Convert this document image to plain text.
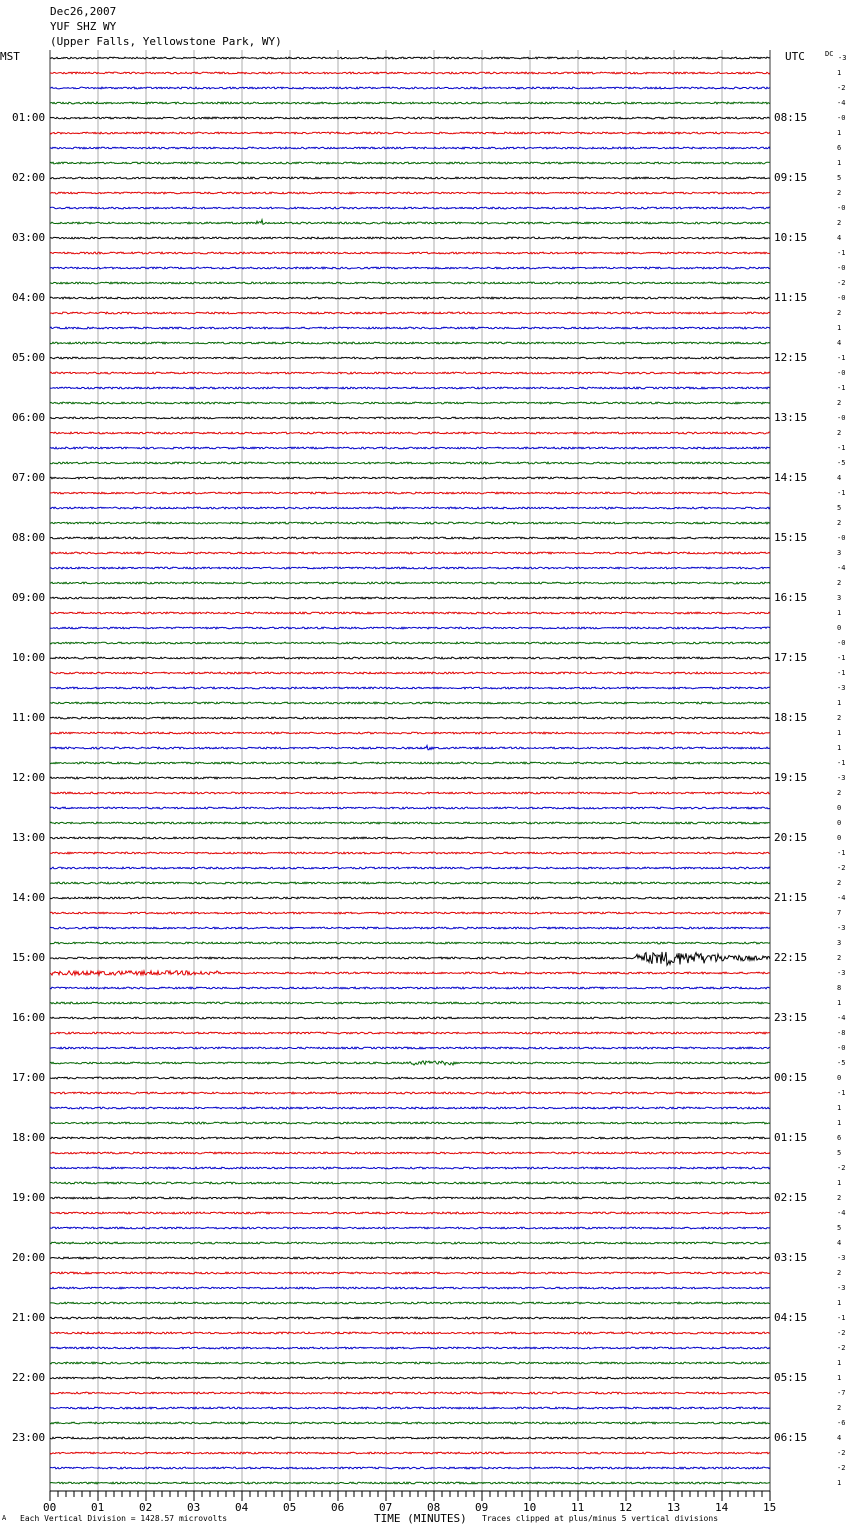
Dec26,2007
YUF SHZ WY
(Upper Falls, Yellowstone Park, WY)
MST	UTC	DC
01:00	08:15
02:00	09:15
03:00	10:15
04:00	11:15
05:00	12:15
06:00	13:15
07:00	14:15
08:00	15:15
09:00	16:15
10:00	17:15
11:00	18:15
12:00	19:15
13:00	20:15
14:00	21:15
15:00	22:15
16:00	23:15
17:00	00:15
18:00	01:15
19:00	02:15
20:00	03:15
21:00	04:15
22:00	05:15
23:00	06:15
-3
1
-2
-4
-0
1
6
1
5
2
-0
2
4
-1
-0
-2
-0
2
1
4
-1
-0
-1
2
-0
2
-1
-5
4
-1
5
2
-0
3
-4
2
3
1
0
-0
-1
-1
-3
1
2
1
1
-1
-3
2
0
0
0
-1
-2
2
-4
7
-3
3
2
-3
8
1
-4
-8
-0
-5
0
-1
1
1
6
5
-2
1
2
-4
5
4
-3
2
-3
1
-1
-2
-2
1
1
-7
2
-6
4
-2
-2
1
00	01	02	03	04	05	06	07	08	09	10	11	12	13	14	15
A Each Vertical Division = 1428.57 microvolts	TIME (MINUTES) Traces clipped at plus/minus 5 vertical divisions
